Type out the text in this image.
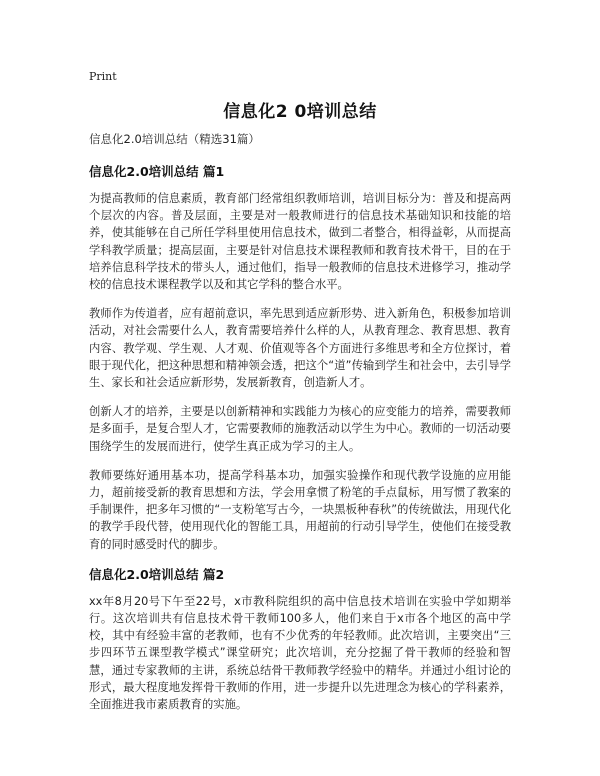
Print
信息化2 0培训总结
信息化2.0培训总结（精选31篇）
信息化2.0培训总结 篇1

为提高教师的信息素质，教育部门经常组织教师培训，培训目标分为：普及和提高两个层次的内容。普及层面，主要是对一般教师进行的信息技术基础知识和技能的培养，使其能够在自己所任学科里使用信息技术，做到二者整合，相得益彰，从而提高学科教学质量；提高层面，主要是针对信息技术课程教师和教育技术骨干，目的在于培养信息科学技术的带头人，通过他们，指导一般教师的信息技术进修学习，推动学校的信息技术课程教学以及和其它学科的整合水平。

教师作为传道者，应有超前意识，率先思到适应新形势、进入新角色，积极参加培训活动，对社会需要什么人，教育需要培养什么样的人，从教育理念、教育思想、教育内容、教学观、学生观、人才观、价值观等各个方面进行多维思考和全方位探讨，着眼于现代化，把这种思想和精神领会透，把这个“道”传输到学生和社会中，去引导学生、家长和社会适应新形势，发展新教育，创造新人才。

创新人才的培养，主要是以创新精神和实践能力为核心的应变能力的培养，需要教师是多面手，是复合型人才，它需要教师的施教活动以学生为中心。教师的一切活动要围绕学生的发展而进行，使学生真正成为学习的主人。

教师要练好通用基本功，提高学科基本功，加强实验操作和现代教学设施的应用能力，超前接受新的教育思想和方法，学会用拿惯了粉笔的手点鼠标，用写惯了教案的手制课件，把多年习惯的“一支粉笔写古今，一块黑板种春秋”的传统做法，用现代化的教学手段代替，使用现代化的智能工具，用超前的行动引导学生，使他们在接受教育的同时感受时代的脚步。

信息化2.0培训总结 篇2

xx年8月20号下午至22号，x市教科院组织的高中信息技术培训在实验中学如期举行。这次培训共有信息技术骨干教师100多人，他们来自于x市各个地区的高中学校，其中有经验丰富的老教师，也有不少优秀的年轻教师。此次培训，主要突出“三步四环节五课型教学模式”课堂研究；此次培训，充分挖掘了骨干教师的经验和智慧，通过专家教师的主讲，系统总结骨干教师教学经验中的精华。并通过小组讨论的形式，最大程度地发挥骨干教师的作用，进一步提升以先进理念为核心的学科素养，全面推进我市素质教育的实施。
